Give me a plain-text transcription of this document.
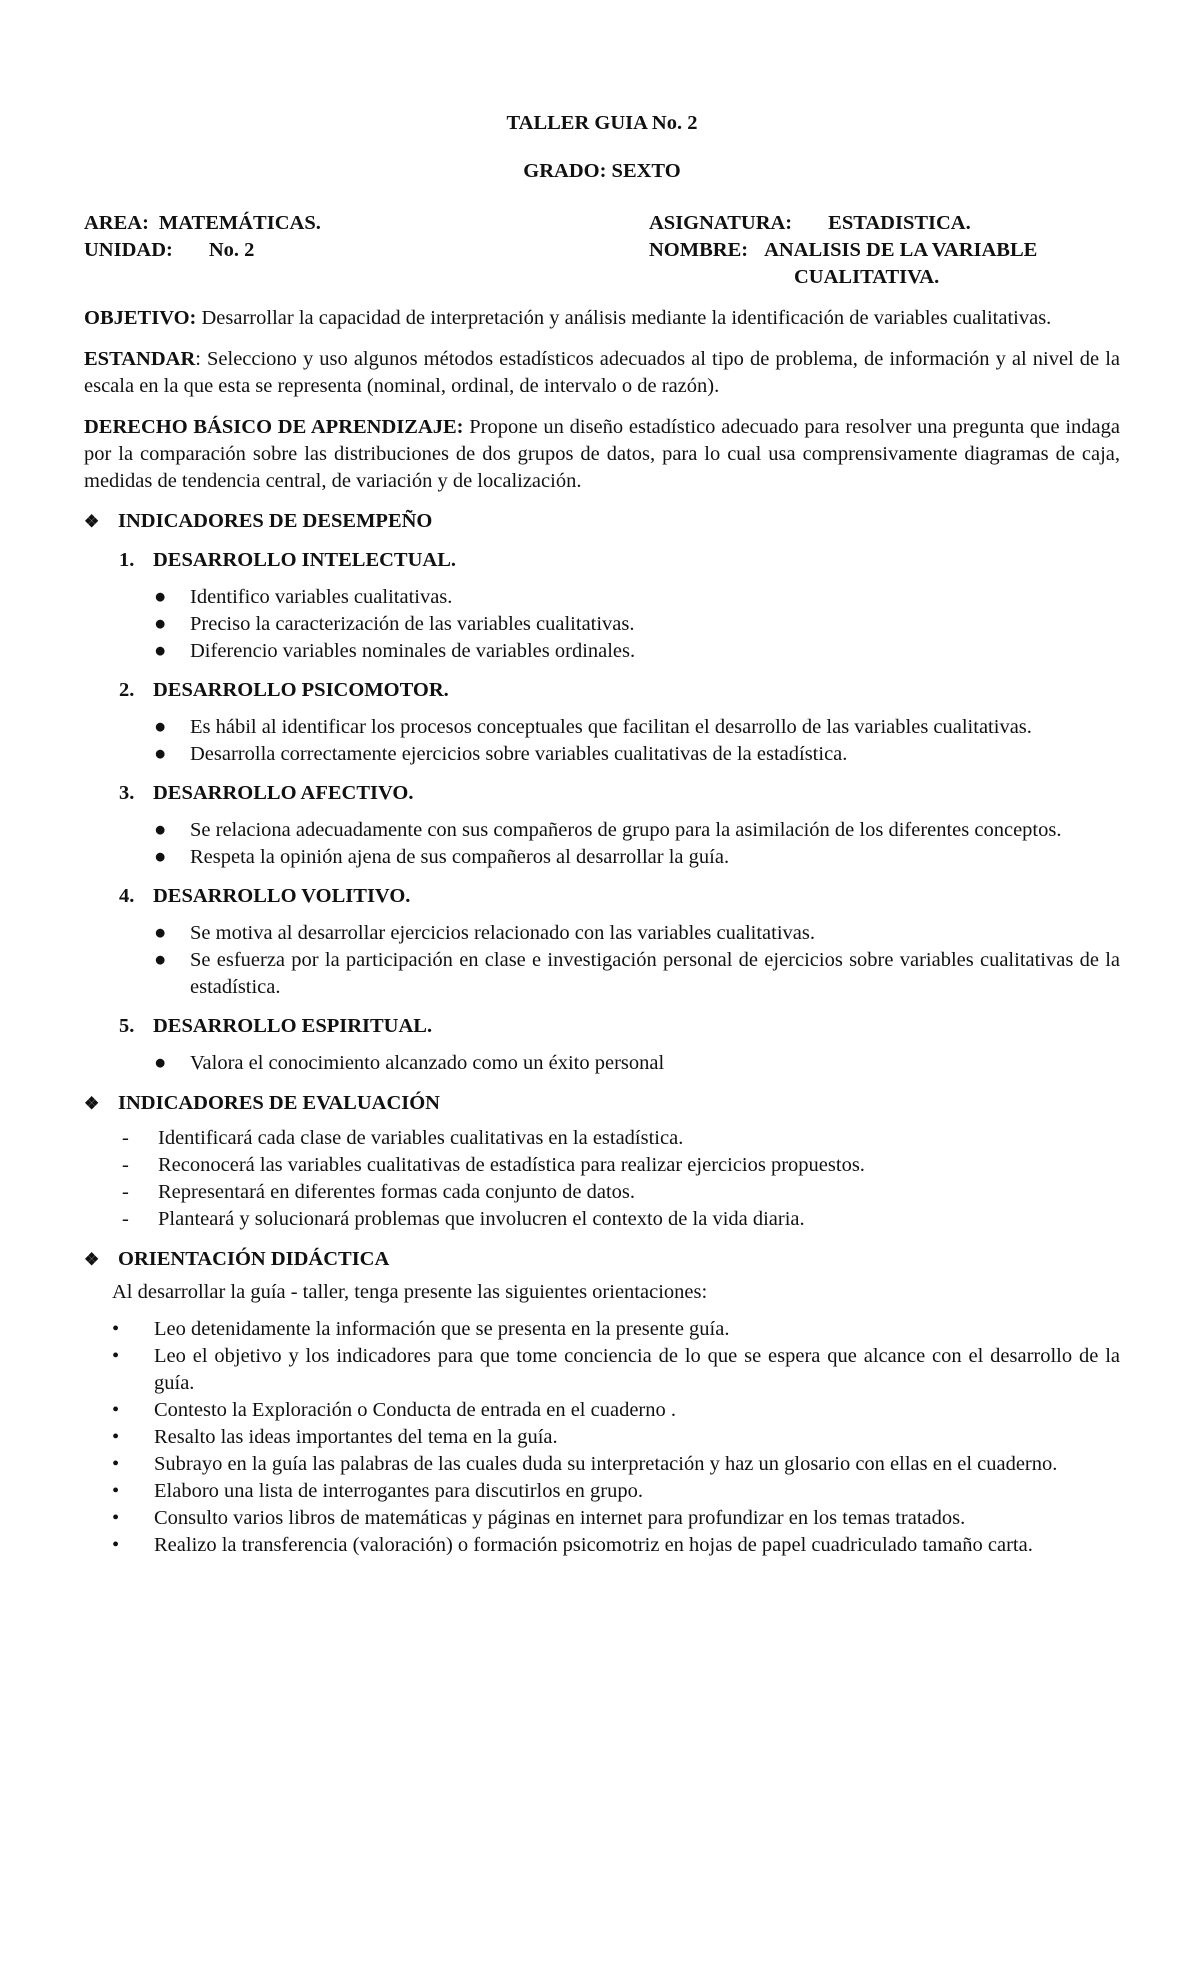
TALLER GUIA No. 2
GRADO: SEXTO
AREA: MATEMÁTICAS.	ASIGNATURA: ESTADISTICA.
UNIDAD: No. 2	NOMBRE: ANALISIS DE LA VARIABLE
CUALITATIVA.
OBJETIVO: Desarrollar la capacidad de interpretación y análisis mediante la identificación de variables cualitativas.
ESTANDAR: Selecciono y uso algunos métodos estadísticos adecuados al tipo de problema, de información y al nivel de la escala en la que esta se representa (nominal, ordinal, de intervalo o de razón).
DERECHO BÁSICO DE APRENDIZAJE: Propone un diseño estadístico adecuado para resolver una pregunta que indaga por la comparación sobre las distribuciones de dos grupos de datos, para lo cual usa comprensivamente diagramas de caja, medidas de tendencia central, de variación y de localización.
❖ INDICADORES DE DESEMPEÑO
1. DESARROLLO INTELECTUAL.
●	Identifico variables cualitativas.
●	Preciso la caracterización de las variables cualitativas.
●	Diferencio variables nominales de variables ordinales.
2. DESARROLLO PSICOMOTOR.
●	Es hábil al identificar los procesos conceptuales que facilitan el desarrollo de las variables cualitativas.
●	Desarrolla correctamente ejercicios sobre variables cualitativas de la estadística.
3. DESARROLLO AFECTIVO.
●	Se relaciona adecuadamente con sus compañeros de grupo para la asimilación de los diferentes conceptos.
●	Respeta la opinión ajena de sus compañeros al desarrollar la guía.
4. DESARROLLO VOLITIVO.
●	Se motiva al desarrollar ejercicios relacionado con las variables cualitativas.
●	Se esfuerza por la participación en clase e investigación personal de ejercicios sobre variables cualitativas de la estadística.
5. DESARROLLO ESPIRITUAL.
●	Valora el conocimiento alcanzado como un éxito personal
❖ INDICADORES DE EVALUACIÓN
- Identificará cada clase de variables cualitativas en la estadística.
- Reconocerá las variables cualitativas de estadística para realizar ejercicios propuestos.
- Representará en diferentes formas cada conjunto de datos.
- Planteará y solucionará problemas que involucren el contexto de la vida diaria.
❖ ORIENTACIÓN DIDÁCTICA
Al desarrollar la guía - taller, tenga presente las siguientes orientaciones:
•	Leo detenidamente la información que se presenta en la presente guía.
•	Leo el objetivo y los indicadores para que tome conciencia de lo que se espera que alcance con el desarrollo de la guía.
•	Contesto la Exploración o Conducta de entrada en el cuaderno .
•	Resalto las ideas importantes del tema en la guía.
•	Subrayo en la guía las palabras de las cuales duda su interpretación y haz un glosario con ellas en el cuaderno.
•	Elaboro una lista de interrogantes para discutirlos en grupo.
•	Consulto varios libros de matemáticas y páginas en internet para profundizar en los temas tratados.
•	Realizo la transferencia (valoración) o formación psicomotriz en hojas de papel cuadriculado tamaño carta.
